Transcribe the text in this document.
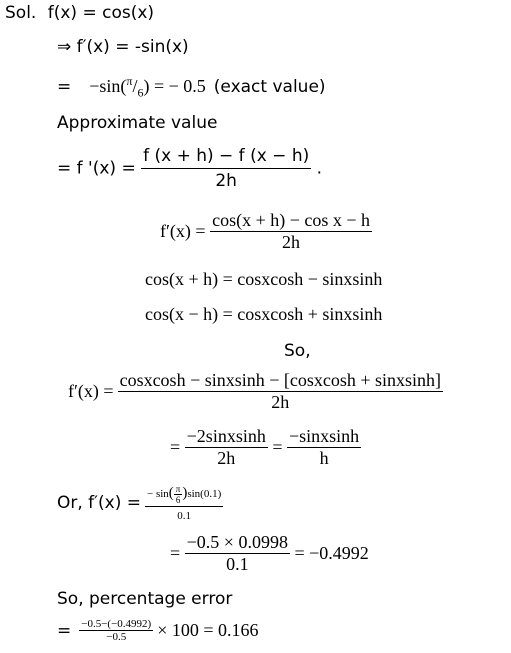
Sol. f(x) = cos(x)
⇒ f′(x) = -sin(x)
= $-\sin(^\pi/_6)$ = − 0.5 (exact value)
Approximate value
= f '$(x) = \frac{f (x + h) - f (x - h)}{2h}$ .
$f'(x) = \frac{\text{cos(x + h) − cos x − h}}{2h}$
cos(x + h) = cosxcosh − sinxsinh
cos(x − h) = cosxcosh + sinxsinh
So,
$f'(x) = \frac{\text{cosxcosh − sinxsinh − [cosxcosh + sinxsinh]}}{2h}$
= $\frac{\text{−2sinxsinh}}{2h} = \frac{\text{−sinxsinh}}{h}$
Or, $f'(x) = \frac{- \sin( \frac{\pi}{6} )\sin(0.1)}{0.1}$
= $\frac{-0.5 \times 0.0998}{0.1} = -0.4992$
So, percentage error
= $\frac{-0.5-(-0.4992)}{-0.5} \times 100 = 0.166$
